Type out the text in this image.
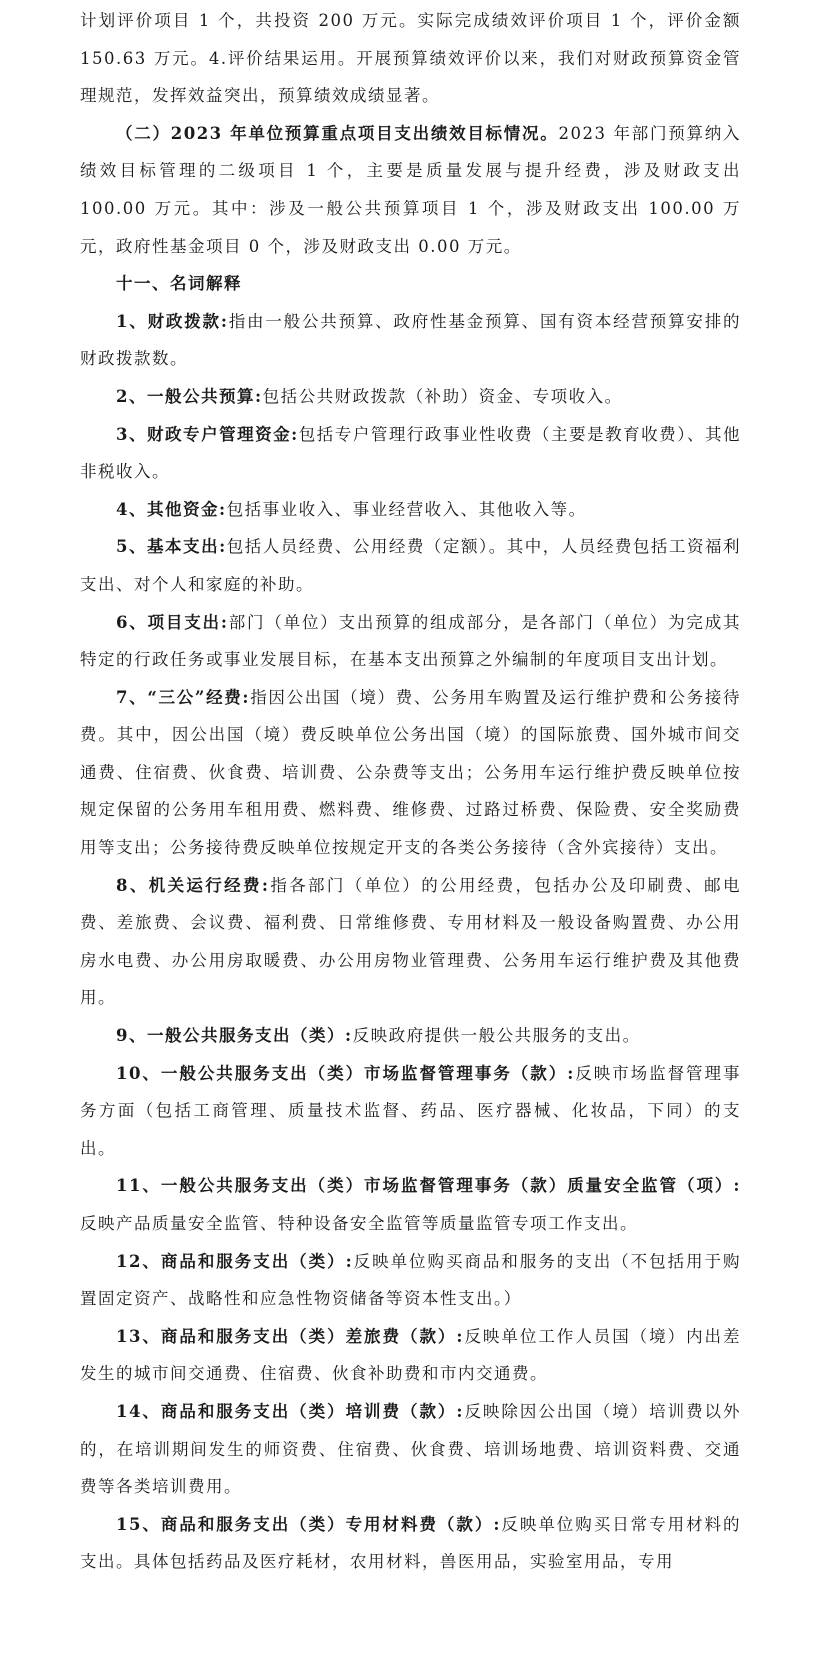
计划评价项目 1 个，共投资 200 万元。实际完成绩效评价项目 1 个，评价金额 150.63 万元。4.评价结果运用。开展预算绩效评价以来，我们对财政预算资金管理规范，发挥效益突出，预算绩效成绩显著。

（二）2023 年单位预算重点项目支出绩效目标情况。2023 年部门预算纳入绩效目标管理的二级项目 1 个，主要是质量发展与提升经费，涉及财政支出 100.00 万元。其中：涉及一般公共预算项目 1 个，涉及财政支出 100.00 万元，政府性基金项目 0 个，涉及财政支出 0.00 万元。

十一、名词解释

1、财政拨款:指由一般公共预算、政府性基金预算、国有资本经营预算安排的财政拨款数。

2、一般公共预算:包括公共财政拨款（补助）资金、专项收入。

3、财政专户管理资金:包括专户管理行政事业性收费（主要是教育收费）、其他非税收入。

4、其他资金:包括事业收入、事业经营收入、其他收入等。

5、基本支出:包括人员经费、公用经费（定额）。其中，人员经费包括工资福利支出、对个人和家庭的补助。

6、项目支出:部门（单位）支出预算的组成部分，是各部门（单位）为完成其特定的行政任务或事业发展目标，在基本支出预算之外编制的年度项目支出计划。

7、“三公”经费:指因公出国（境）费、公务用车购置及运行维护费和公务接待费。其中，因公出国（境）费反映单位公务出国（境）的国际旅费、国外城市间交通费、住宿费、伙食费、培训费、公杂费等支出；公务用车运行维护费反映单位按规定保留的公务用车租用费、燃料费、维修费、过路过桥费、保险费、安全奖励费用等支出；公务接待费反映单位按规定开支的各类公务接待（含外宾接待）支出。

8、机关运行经费:指各部门（单位）的公用经费，包括办公及印刷费、邮电费、差旅费、会议费、福利费、日常维修费、专用材料及一般设备购置费、办公用房水电费、办公用房取暖费、办公用房物业管理费、公务用车运行维护费及其他费用。

9、一般公共服务支出（类）:反映政府提供一般公共服务的支出。

10、一般公共服务支出（类）市场监督管理事务（款）:反映市场监督管理事务方面（包括工商管理、质量技术监督、药品、医疗器械、化妆品，下同）的支出。

11、一般公共服务支出（类）市场监督管理事务（款）质量安全监管（项）:反映产品质量安全监管、特种设备安全监管等质量监管专项工作支出。

12、商品和服务支出（类）:反映单位购买商品和服务的支出（不包括用于购置固定资产、战略性和应急性物资储备等资本性支出。）

13、商品和服务支出（类）差旅费（款）:反映单位工作人员国（境）内出差发生的城市间交通费、住宿费、伙食补助费和市内交通费。

14、商品和服务支出（类）培训费（款）:反映除因公出国（境）培训费以外的，在培训期间发生的师资费、住宿费、伙食费、培训场地费、培训资料费、交通费等各类培训费用。

15、商品和服务支出（类）专用材料费（款）:反映单位购买日常专用材料的支出。具体包括药品及医疗耗材，农用材料，兽医用品，实验室用品，专用
